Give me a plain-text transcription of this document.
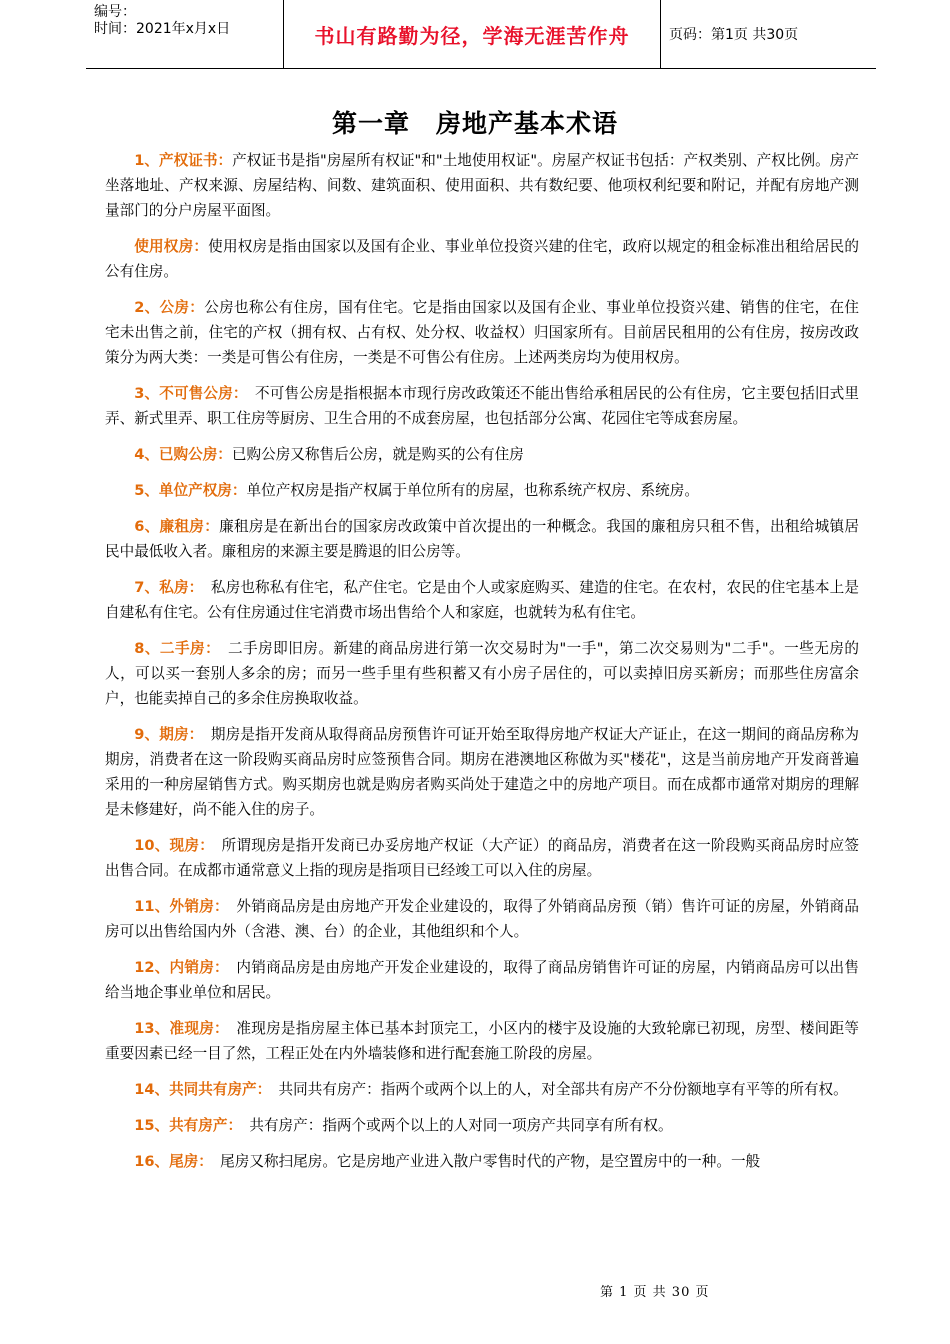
编号：
时间：2021年x月x日	书山有路勤为径，学海无涯苦作舟	页码：第1页 共30页
第一章　房地产基本术语

1、产权证书：产权证书是指"房屋所有权证"和"土地使用权证"。房屋产权证书包括：产权类别、产权比例。房产坐落地址、产权来源、房屋结构、间数、建筑面积、使用面积、共有数纪要、他项权利纪要和附记，并配有房地产测量部门的分户房屋平面图。

使用权房：使用权房是指由国家以及国有企业、事业单位投资兴建的住宅，政府以规定的租金标准出租给居民的公有住房。

2、公房：公房也称公有住房，国有住宅。它是指由国家以及国有企业、事业单位投资兴建、销售的住宅，在住宅未出售之前，住宅的产权（拥有权、占有权、处分权、收益权）归国家所有。目前居民租用的公有住房，按房改政策分为两大类：一类是可售公有住房，一类是不可售公有住房。上述两类房均为使用权房。

3、不可售公房：　不可售公房是指根据本市现行房改政策还不能出售给承租居民的公有住房，它主要包括旧式里弄、新式里弄、职工住房等厨房、卫生合用的不成套房屋，也包括部分公寓、花园住宅等成套房屋。

4、已购公房：已购公房又称售后公房，就是购买的公有住房

5、单位产权房：单位产权房是指产权属于单位所有的房屋，也称系统产权房、系统房。

6、廉租房：廉租房是在新出台的国家房改政策中首次提出的一种概念。我国的廉租房只租不售，出租给城镇居民中最低收入者。廉租房的来源主要是腾退的旧公房等。

7、私房：　私房也称私有住宅，私产住宅。它是由个人或家庭购买、建造的住宅。在农村，农民的住宅基本上是自建私有住宅。公有住房通过住宅消费市场出售给个人和家庭，也就转为私有住宅。

8、二手房：　二手房即旧房。新建的商品房进行第一次交易时为"一手"，第二次交易则为"二手"。一些无房的人，可以买一套别人多余的房；而另一些手里有些积蓄又有小房子居住的，可以卖掉旧房买新房；而那些住房富余户，也能卖掉自己的多余住房换取收益。

9、期房：　期房是指开发商从取得商品房预售许可证开始至取得房地产权证大产证止，在这一期间的商品房称为期房，消费者在这一阶段购买商品房时应签预售合同。期房在港澳地区称做为买"楼花"，这是当前房地产开发商普遍采用的一种房屋销售方式。购买期房也就是购房者购买尚处于建造之中的房地产项目。而在成都市通常对期房的理解是未修建好，尚不能入住的房子。

10、现房：　所谓现房是指开发商已办妥房地产权证（大产证）的商品房，消费者在这一阶段购买商品房时应签出售合同。在成都市通常意义上指的现房是指项目已经竣工可以入住的房屋。

11、外销房：　外销商品房是由房地产开发企业建设的，取得了外销商品房预（销）售许可证的房屋，外销商品房可以出售给国内外（含港、澳、台）的企业，其他组织和个人。

12、内销房：　内销商品房是由房地产开发企业建设的，取得了商品房销售许可证的房屋，内销商品房可以出售给当地企事业单位和居民。

13、准现房：　准现房是指房屋主体已基本封顶完工，小区内的楼宇及设施的大致轮廓已初现，房型、楼间距等重要因素已经一目了然，工程正处在内外墙装修和进行配套施工阶段的房屋。

14、共同共有房产：　共同共有房产：指两个或两个以上的人，对全部共有房产不分份额地享有平等的所有权。

15、共有房产：　共有房产：指两个或两个以上的人对同一项房产共同享有所有权。

16、尾房：　尾房又称扫尾房。它是房地产业进入散户零售时代的产物，是空置房中的一种。一般

第 1 页 共 30 页
